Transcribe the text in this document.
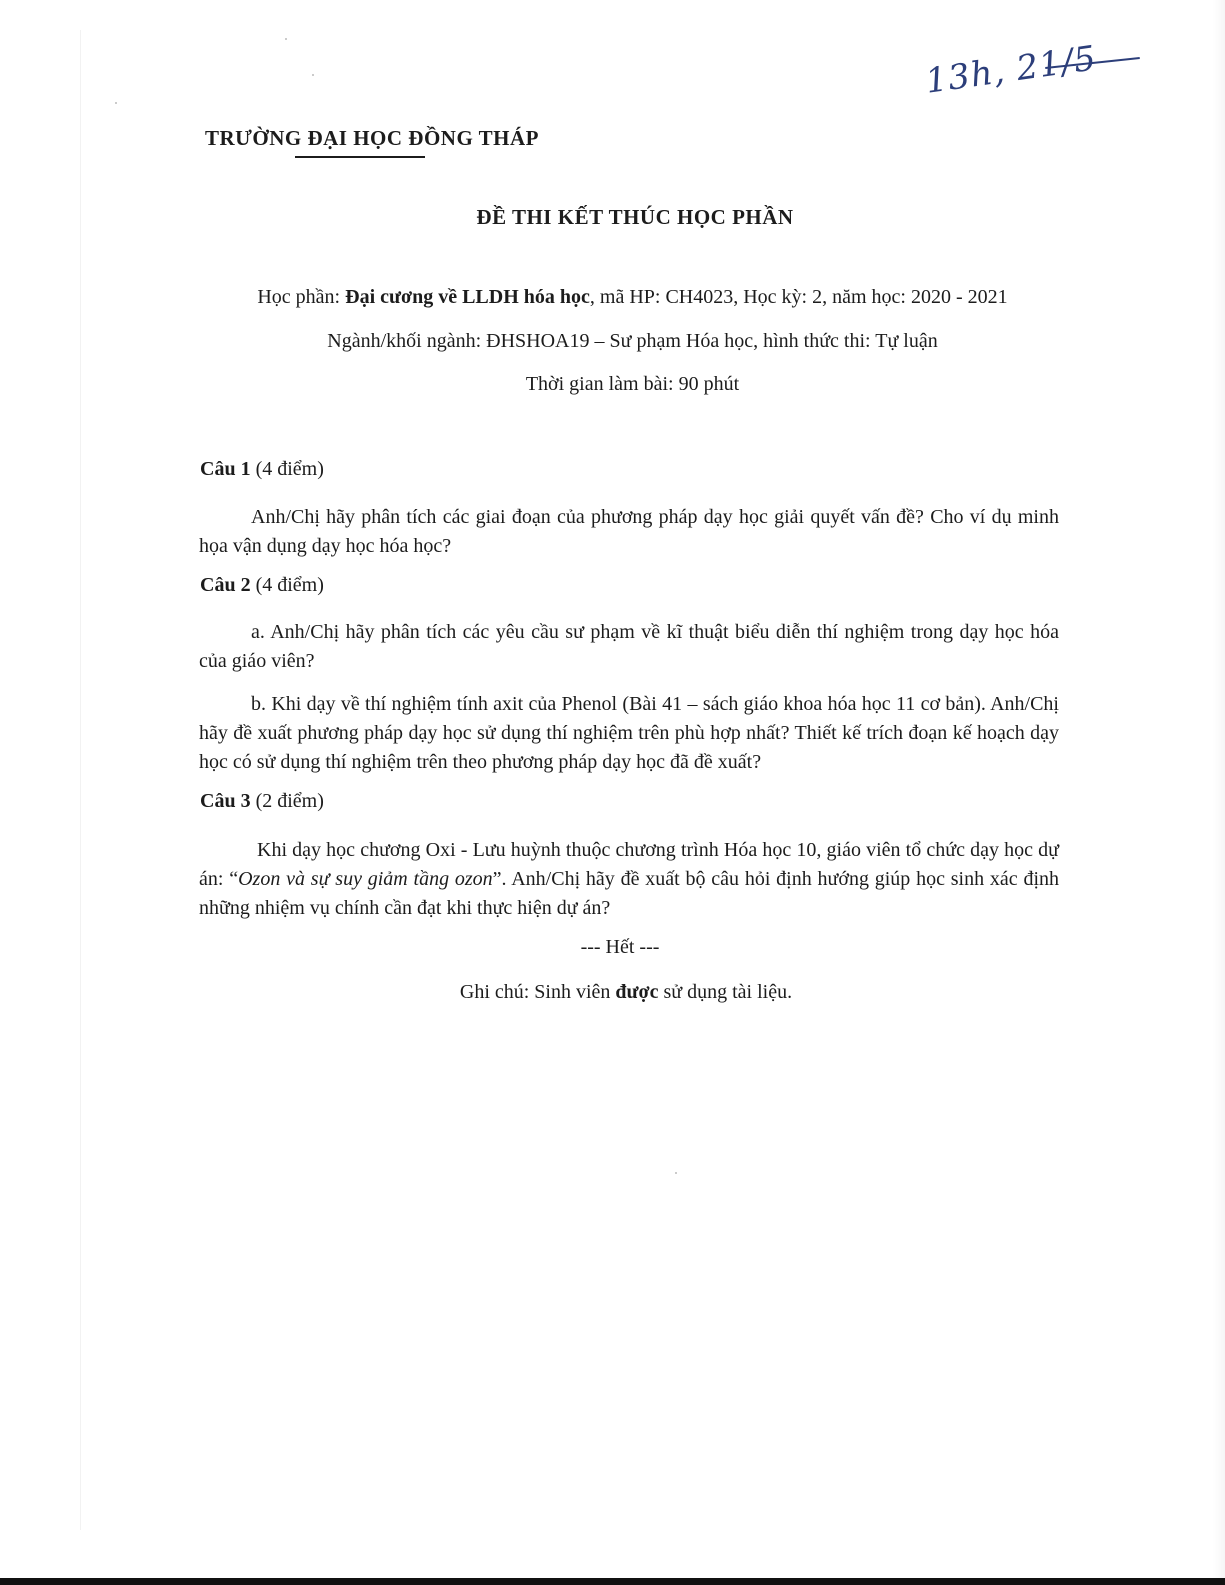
13h, 21/5
TRƯỜNG ĐẠI HỌC ĐỒNG THÁP
ĐỀ THI KẾT THÚC HỌC PHẦN
Học phần: Đại cương về LLDH hóa học, mã HP: CH4023, Học kỳ: 2, năm học: 2020 - 2021
Ngành/khối ngành: ĐHSHOA19 – Sư phạm Hóa học, hình thức thi: Tự luận
Thời gian làm bài: 90 phút
Câu 1 (4 điểm)
Anh/Chị hãy phân tích các giai đoạn của phương pháp dạy học giải quyết vấn đề? Cho ví dụ minh họa vận dụng dạy học hóa học?
Câu 2 (4 điểm)
a. Anh/Chị hãy phân tích các yêu cầu sư phạm về kĩ thuật biểu diễn thí nghiệm trong dạy học hóa của giáo viên?
b. Khi dạy về thí nghiệm tính axit của Phenol (Bài 41 – sách giáo khoa hóa học 11 cơ bản). Anh/Chị hãy đề xuất phương pháp dạy học sử dụng thí nghiệm trên phù hợp nhất? Thiết kế trích đoạn kế hoạch dạy học có sử dụng thí nghiệm trên theo phương pháp dạy học đã đề xuất?
Câu 3 (2 điểm)
Khi dạy học chương Oxi - Lưu huỳnh thuộc chương trình Hóa học 10, giáo viên tổ chức dạy học dự án: “Ozon và sự suy giảm tầng ozon”. Anh/Chị hãy đề xuất bộ câu hỏi định hướng giúp học sinh xác định những nhiệm vụ chính cần đạt khi thực hiện dự án?
--- Hết ---
Ghi chú: Sinh viên được sử dụng tài liệu.
